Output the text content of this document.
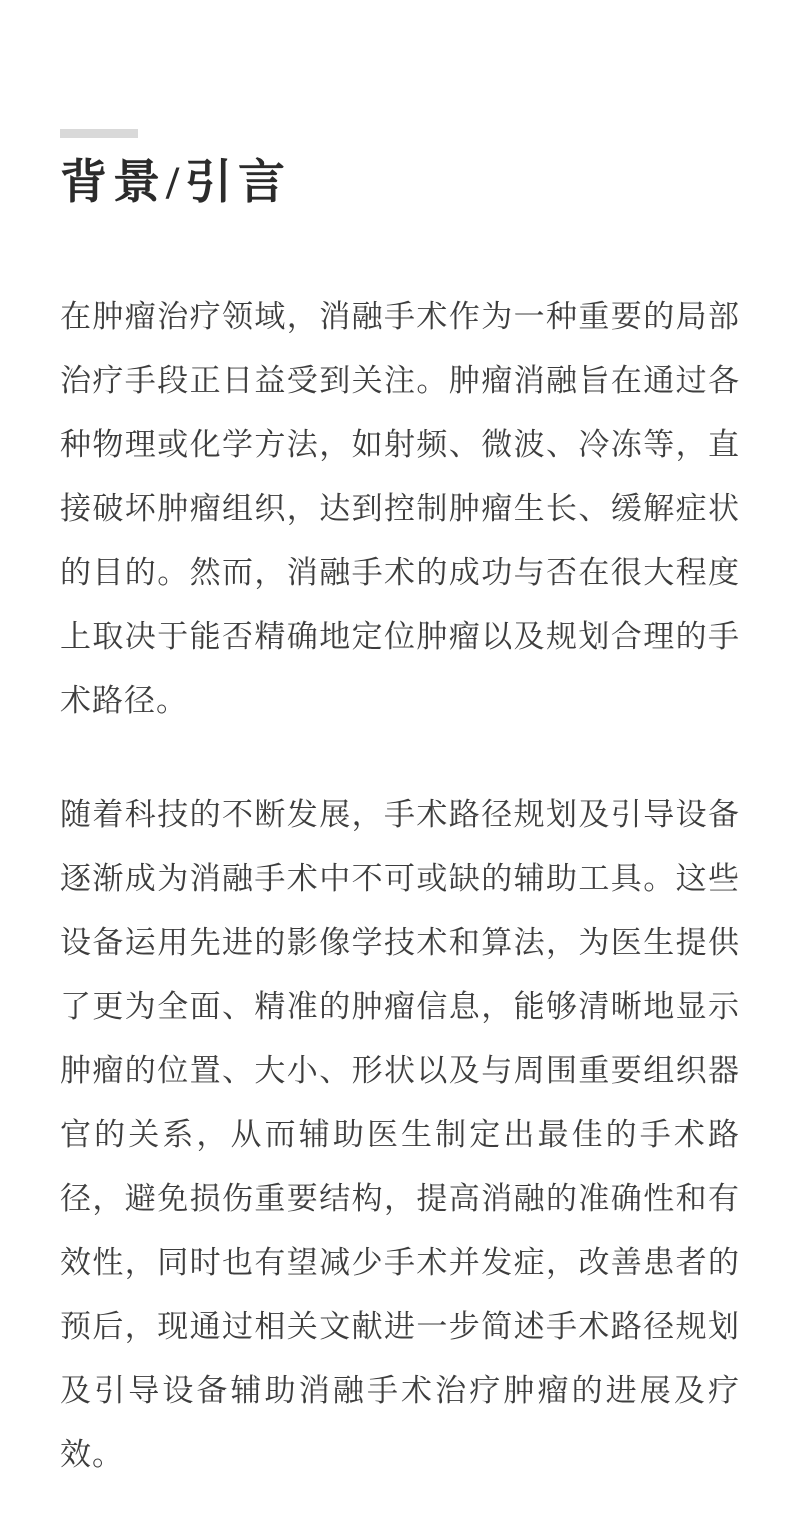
背景/引言

在肿瘤治疗领域，消融手术作为一种重要的局部治疗手段正日益受到关注。肿瘤消融旨在通过各种物理或化学方法，如射频、微波、冷冻等，直接破坏肿瘤组织，达到控制肿瘤生长、缓解症状的目的。然而，消融手术的成功与否在很大程度上取决于能否精确地定位肿瘤以及规划合理的手术路径。

随着科技的不断发展，手术路径规划及引导设备逐渐成为消融手术中不可或缺的辅助工具。这些设备运用先进的影像学技术和算法，为医生提供了更为全面、精准的肿瘤信息，能够清晰地显示肿瘤的位置、大小、形状以及与周围重要组织器官的关系，从而辅助医生制定出最佳的手术路径，避免损伤重要结构，提高消融的准确性和有效性，同时也有望减少手术并发症，改善患者的预后，现通过相关文献进一步简述手术路径规划及引导设备辅助消融手术治疗肿瘤的进展及疗效。
